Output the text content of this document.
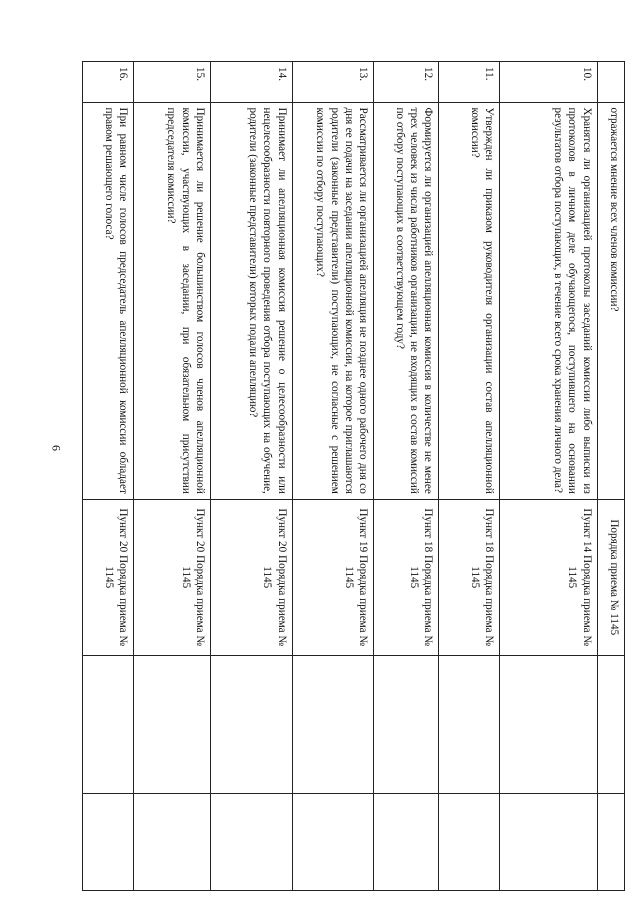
6
	отражается мнение всех членов комиссии?	Порядка приема № 1145		
10.	Хранятся ли организацией протоколы заседаний комиссии либо выписки из протоколов в личном деле обучающегося, поступившего на основании результатов отбора поступающих, в течение всего срока хранения личного дела?	Пункт 14 Порядка приема № 1145		
11.	Утвержден ли приказом руководителя организации состав апелляционной комиссии?	Пункт 18 Порядка приема № 1145		
12.	Формируется ли организацией апелляционная комиссия в количестве не менее трех человек из числа работников организации, не входящих в состав комиссий по отбору поступающих в соответствующем году?	Пункт 18 Порядка приема № 1145		
13.	Рассматривается ли организацией апелляция не позднее одного рабочего дня со дня ее подачи на заседании апелляционной комиссии, на которое приглашаются родители (законные представители) поступающих, не согласные с решением комиссии по отбору поступающих?	Пункт 19 Порядка приема № 1145		
14.	Принимает ли апелляционная комиссия решение о целесообразности или нецелесообразности повторного проведения отбора поступающих на обучение, родители (законные представители) которых подали апелляцию?	Пункт 20 Порядка приема № 1145		
15.	Принимается ли решение большинством голосов членов апелляционной комиссии, участвующих в заседании, при обязательном присутствии председателя комиссии?	Пункт 20 Порядка приема № 1145		
16.	При равном числе голосов председатель апелляционной комиссии обладает правом решающего голоса?	Пункт 20 Порядка приема № 1145		
